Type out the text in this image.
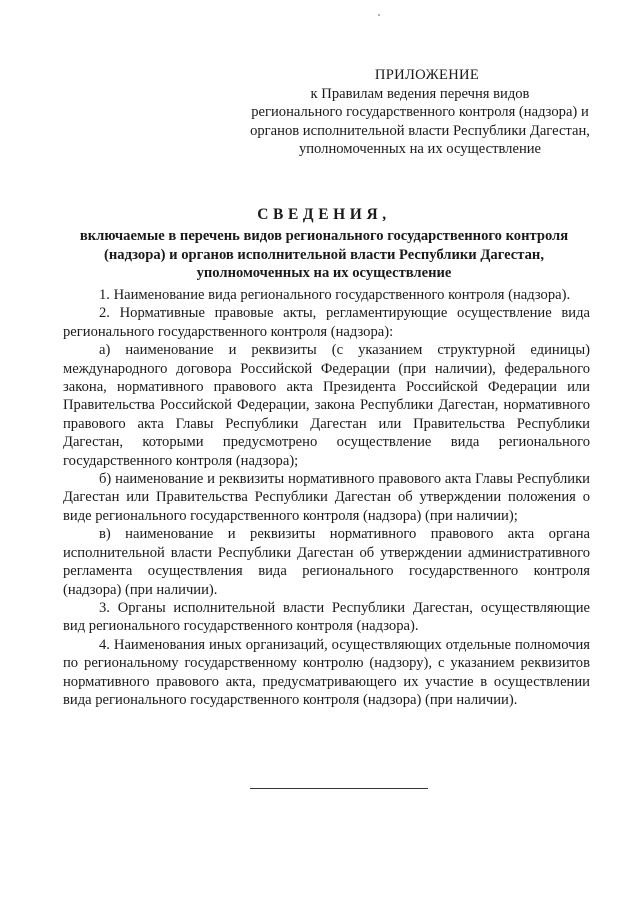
ПРИЛОЖЕНИЕ
к Правилам ведения перечня видов
регионального государственного контроля (надзора) и
органов исполнительной власти Республики Дагестан,
уполномоченных на их осуществление
СВЕДЕНИЯ,
включаемые в перечень видов регионального государственного контроля (надзора) и органов исполнительной власти Республики Дагестан, уполномоченных на их осуществление

1. Наименование вида регионального государственного контроля (надзора).

2. Нормативные правовые акты, регламентирующие осуществление вида регионального государственного контроля (надзора):

а) наименование и реквизиты (с указанием структурной единицы) международного договора Российской Федерации (при наличии), федерального закона, нормативного правового акта Президента Российской Федерации или Правительства Российской Федерации, закона Республики Дагестан, нормативного правового акта Главы Республики Дагестан или Правительства Республики Дагестан, которыми предусмотрено осуществление вида регионального государственного контроля (надзора);

б) наименование и реквизиты нормативного правового акта Главы Республики Дагестан или Правительства Республики Дагестан об утверждении положения о виде регионального государственного контроля (надзора) (при наличии);

в) наименование и реквизиты нормативного правового акта органа исполнительной власти Республики Дагестан об утверждении административного регламента осуществления вида регионального государственного контроля (надзора) (при наличии).

3. Органы исполнительной власти Республики Дагестан, осуществляющие вид регионального государственного контроля (надзора).

4. Наименования иных организаций, осуществляющих отдельные полномочия по региональному государственному контролю (надзору), с указанием реквизитов нормативного правового акта, предусматривающего их участие в осуществлении вида регионального государственного контроля (надзора) (при наличии).
